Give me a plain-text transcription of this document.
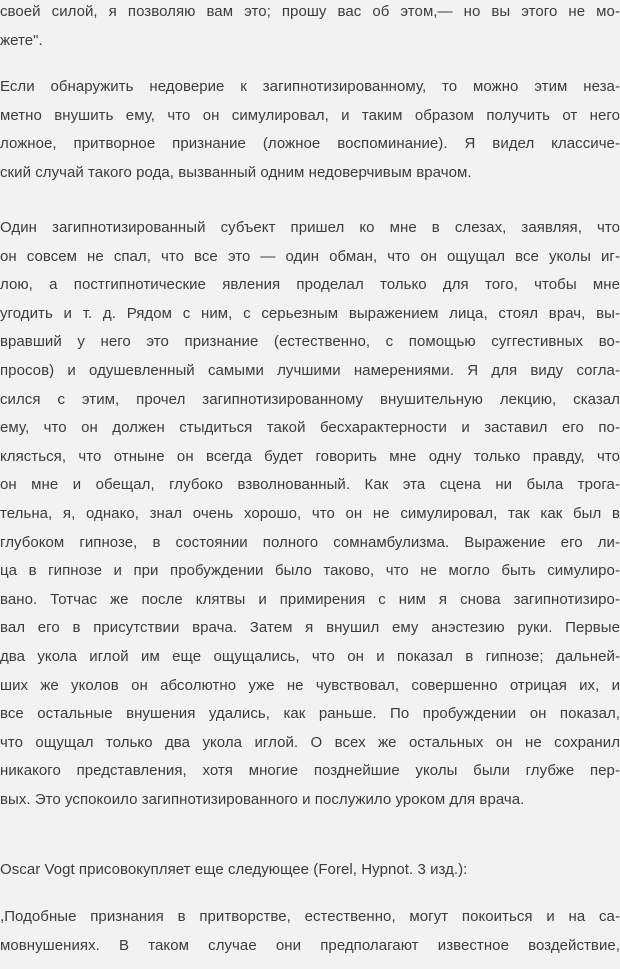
своей силой, я позволяю вам это; прошу вас об этом,— но вы этого не мо-
жете".
Если обнаружить недоверие к загипнотизированному, то можно этим неза-
метно внушить ему, что он симулировал, и таким образом получить от него
ложное, притворное признание (ложное воспоминание). Я видел классиче-
ский случай такого рода, вызванный одним недоверчивым врачом.
Один загипнотизированный субъект пришел ко мне в слезах, заявляя, что
он совсем не спал, что все это — один обман, что он ощущал все уколы иг-
лою, а постгипнотические явления проделал только для того, чтобы мне
угодить и т. д. Рядом с ним, с серьезным выражением лица, стоял врач, вы-
вравший у него это признание (естественно, с помощью суггестивных во-
просов) и одушевленный самыми лучшими намерениями. Я для виду согла-
сился с этим, прочел загипнотизированному внушительную лекцию, сказал
ему, что он должен стыдиться такой бесхарактерности и заставил его по-
клясться, что отныне он всегда будет говорить мне одну только правду, что
он мне и обещал, глубоко взволнованный. Как эта сцена ни была трога-
тельна, я, однако, знал очень хорошо, что он не симулировал, так как был в
глубоком гипнозе, в состоянии полного сомнамбулизма. Выражение его ли-
ца в гипнозе и при пробуждении было таково, что не могло быть симулиро-
вано. Тотчас же после клятвы и примирения с ним я снова загипнотизиро-
вал его в присутствии врача. Затем я внушил ему анэстезию руки. Первые
два укола иглой им еще ощущались, что он и показал в гипнозе; дальней-
ших же уколов он абсолютно уже не чувствовал, совершенно отрицая их, и
все остальные внушения удались, как раньше. По пробуждении он показал,
что ощущал только два укола иглой. О всех же остальных он не сохранил
никакого представления, хотя многие позднейшие уколы были глубже пер-
вых. Это успокоило загипнотизированного и послужило уроком для врача.
Oscar Vogt присовокупляет еще следующее (Forel, Hypnot. 3 изд.):
,Подобные признания в притворстве, естественно, могут покоиться и на са-
мовнушениях. В таком случае они предполагают известное воздействие,
